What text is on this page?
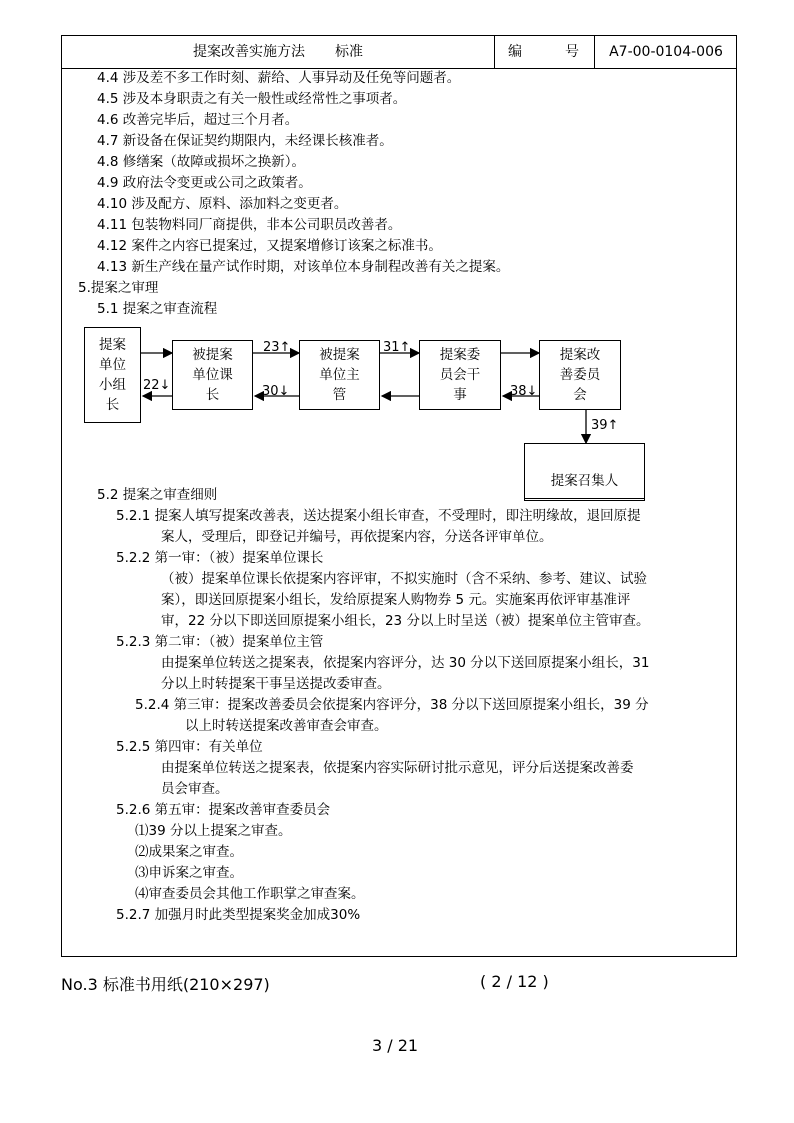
提案改善实施方法 标准	编	号	A7-00-0104-006
4.4 涉及差不多工作时刻、薪给、人事异动及任免等问题者。
4.5 涉及本身职责之有关一般性或经常性之事项者。
4.6 改善完毕后，超过三个月者。
4.7 新设备在保证契约期限内，未经课长核准者。
4.8 修缮案（故障或损坏之换新）。
4.9 政府法令变更或公司之政策者。
4.10 涉及配方、原料、添加料之变更者。
4.11 包装物料同厂商提供，非本公司职员改善者。
4.12 案件之内容已提案过，又提案增修订该案之标准书。
4.13 新生产线在量产试作时期，对该单位本身制程改善有关之提案。
5.提案之审理
5.1 提案之审查流程
提案
单位
小组
长
被提案
单位课
长
被提案
单位主
管
提案委
员会干
事
提案改
善委员
会

提案召集人

23↑
22↓	30↓
31↑
38↓
39↑
5.2 提案之审查细则
5.2.1 提案人填写提案改善表，送达提案小组长审查，不受理时，即注明缘故，退回原提
案人，受理后，即登记并编号，再依提案内容，分送各评审单位。
5.2.2 第一审：（被）提案单位课长
（被）提案单位课长依提案内容评审，不拟实施时（含不采纳、参考、建议、试验
案），即送回原提案小组长，发给原提案人购物券 5 元。实施案再依评审基准评
审，22 分以下即送回原提案小组长，23 分以上时呈送（被）提案单位主管审查。
5.2.3 第二审：（被）提案单位主管
由提案单位转送之提案表，依提案内容评分，达 30 分以下送回原提案小组长，31
分以上时转提案干事呈送提改委审查。
5.2.4 第三审：提案改善委员会依提案内容评分，38 分以下送回原提案小组长，39 分
以上时转送提案改善审查会审查。
5.2.5 第四审：有关单位
由提案单位转送之提案表，依提案内容实际研讨批示意见，评分后送提案改善委
员会审查。
5.2.6 第五审：提案改善审查委员会
⑴39 分以上提案之审查。
⑵成果案之审查。
⑶申诉案之审查。
⑷审查委员会其他工作职掌之审查案。
5.2.7 加强月时此类型提案奖金加成30%
No.3 标准书用纸(210×297)	( 2 / 12 )
3 / 21
